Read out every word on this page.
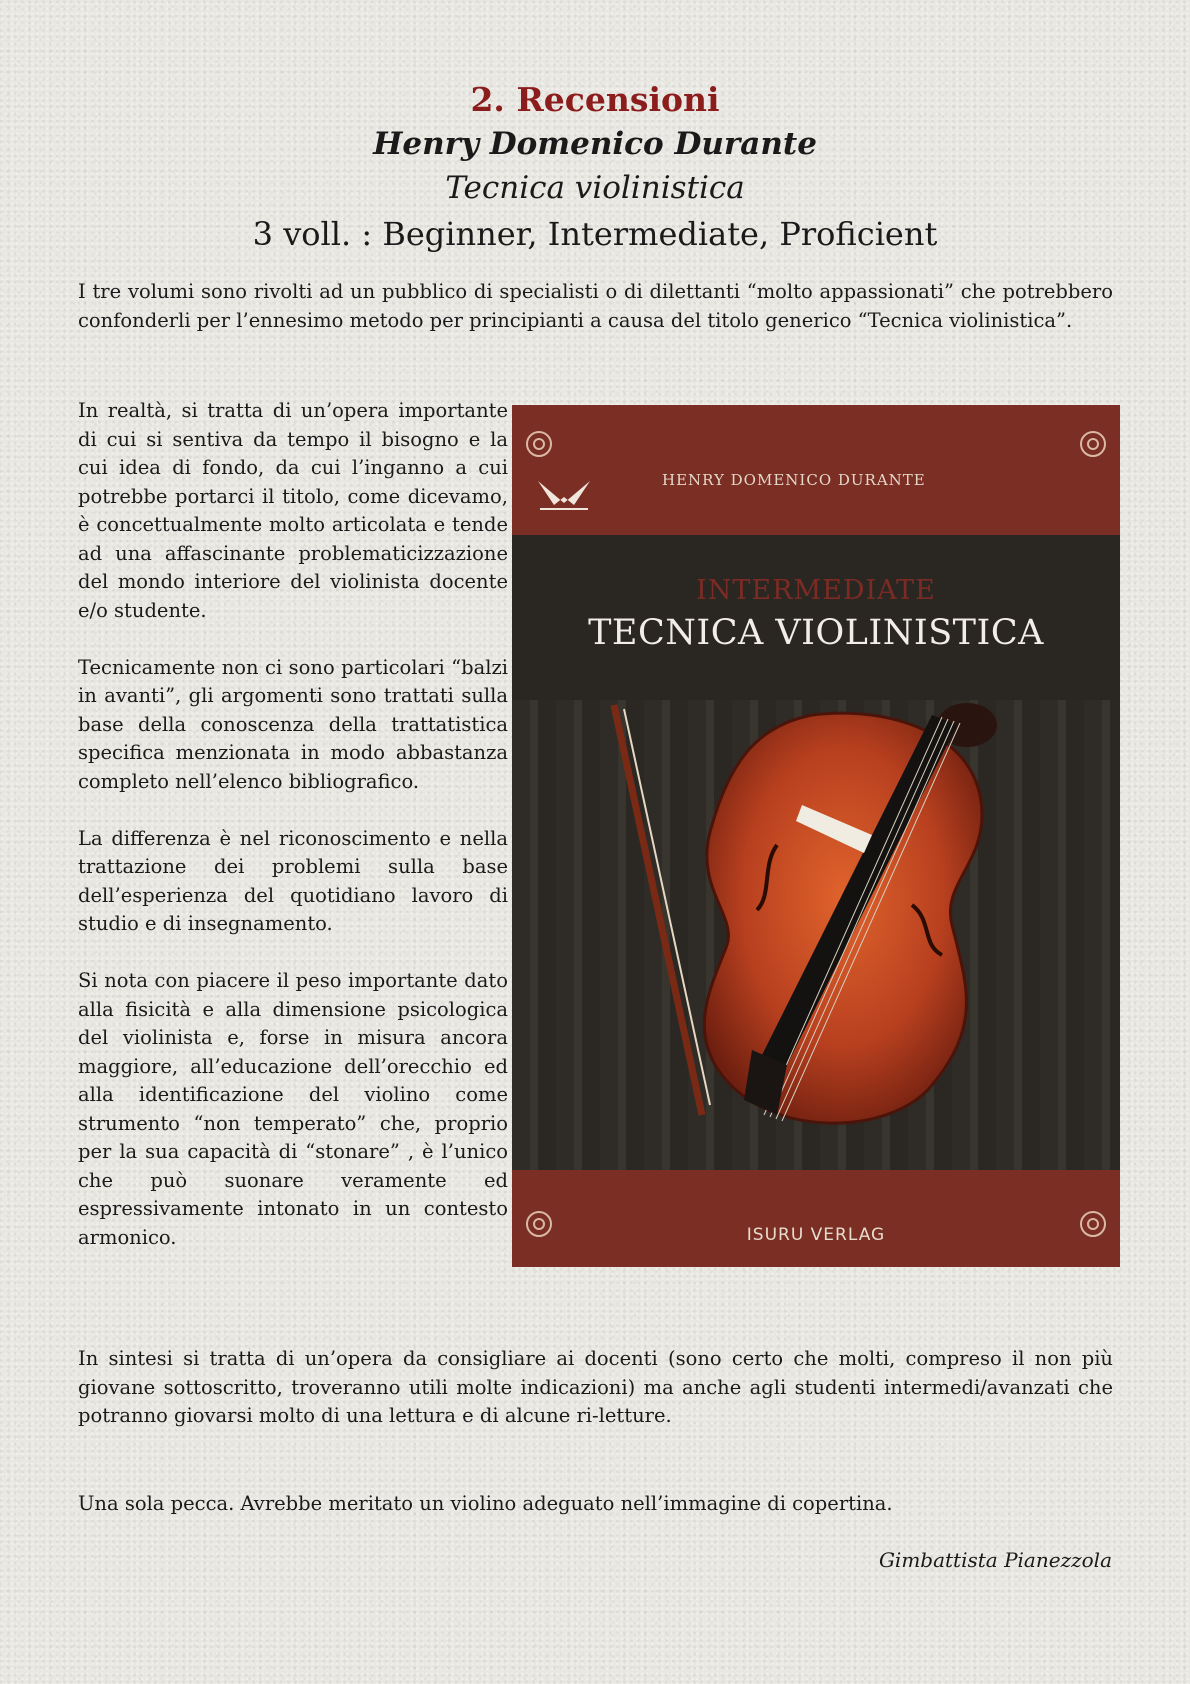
2. Recensioni
Henry Domenico Durante
Tecnica violinistica
3 voll. : Beginner, Intermediate, Proficient

I tre volumi sono rivolti ad un pubblico di specialisti o di dilettanti “molto appassionati” che potrebbero confonderli per l’ennesimo metodo per principianti a causa del titolo generico “Tecnica violinistica”.

In realtà, si tratta di un’opera importante di cui si sentiva da tempo il bisogno e la cui idea di fondo, da cui l’inganno a cui potrebbe portarci il titolo, come dicevamo, è concettualmente molto articolata e tende ad una affascinante problematicizzazione del mondo interiore del violinista docente e/o studente.

Tecnicamente non ci sono particolari “balzi in avanti”, gli argomenti sono trattati sulla base della conoscenza della trattatistica specifica menzionata in modo abbastanza completo nell’elenco bibliografico.

La differenza è nel riconoscimento e nella trattazione dei problemi sulla base dell’esperienza del quotidiano lavoro di studio e di insegnamento.

Si nota con piacere il peso importante dato alla fisicità e alla dimensione psicologica del violinista e, forse in misura ancora maggiore, all’educazione dell’orecchio ed alla identificazione del violino come strumento “non temperato” che, proprio per la sua capacità di “stonare” , è l’unico che può suonare veramente ed espressivamente intonato in un contesto armonico.

HENRY DOMENICO DURANTE
INTERMEDIATE
TECNICA VIOLINISTICA
ISURU VERLAG

In sintesi si tratta di un’opera da consigliare ai docenti (sono certo che molti, compreso il non più giovane sottoscritto, troveranno utili molte indicazioni) ma anche agli studenti intermedi/avanzati che potranno giovarsi molto di una lettura e di alcune ri-letture.

Una sola pecca. Avrebbe meritato un violino adeguato nell’immagine di copertina.
Gimbattista Pianezzola
